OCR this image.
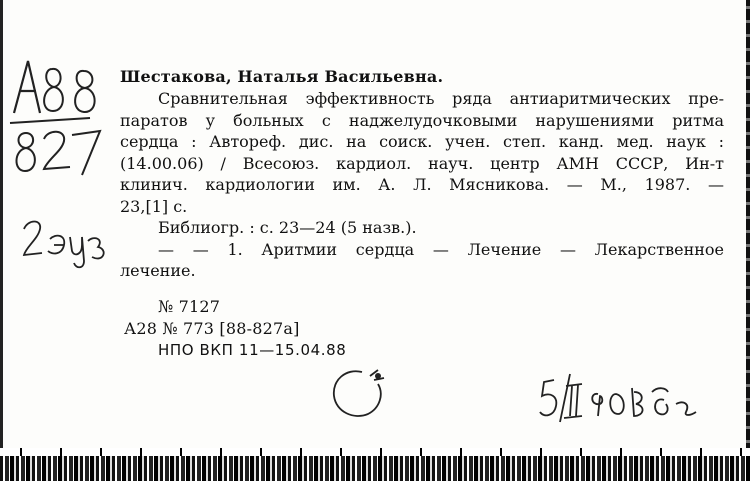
Шестакова, Наталья Васильевна.
Сравнительная эффективность ряда антиаритмических пре-
паратов у больных с наджелудочковыми нарушениями ритма
сердца : Автореф. дис. на соиск. учен. степ. канд. мед. наук :
(14.00.06) / Всесоюз. кардиол. науч. центр АМН СССР, Ин-т
клинич. кардиологии им. А. Л. Мясникова. — М., 1987. —
23,[1] с.
Библиогр. : с. 23—24 (5 назв.).
— — 1. Аритмии сердца — Лечение — Лекарственное
лечение.
№ 7127
А28 № 773 [88-827а]
НПО ВКП 11—15.04.88
